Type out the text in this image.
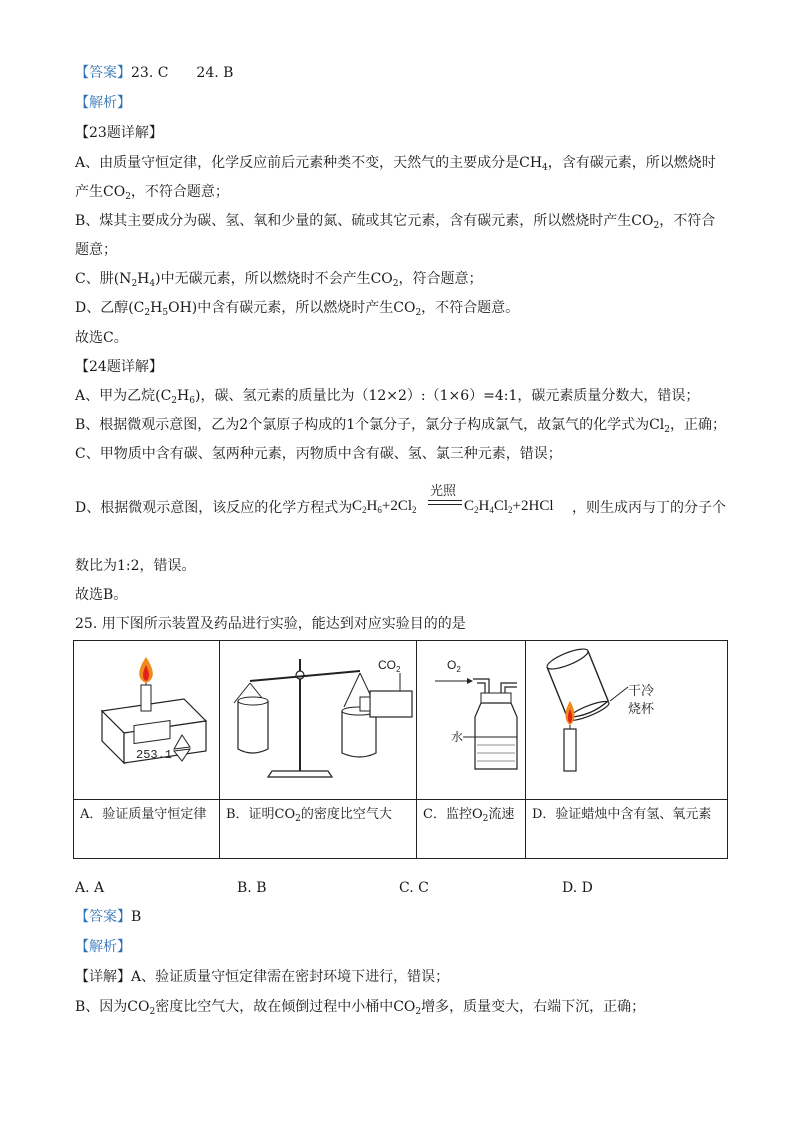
【答案】23. C　　24. B
【解析】
【23题详解】
A、由质量守恒定律，化学反应前后元素种类不变，天然气的主要成分是$CH_4$，含有碳元素，所以燃烧时
产生$CO_2$，不符合题意；
B、煤其主要成分为碳、氢、氧和少量的氮、硫或其它元素，含有碳元素，所以燃烧时产生$CO_2$，不符合
题意；
C、肼$(N_2H_4)$中无碳元素，所以燃烧时不会产生$CO_2$，符合题意；
D、乙醇$(C_2H_5OH)$中含有碳元素，所以燃烧时产生$CO_2$，不符合题意。
故选C。
【24题详解】
A、甲为乙烷$(C_2H_6)$，碳、氢元素的质量比为（12×2）:（1×6）=4:1，碳元素质量分数大，错误；
B、根据微观示意图，乙为2个氯原子构成的1个氯分子，氯分子构成氯气，故氯气的化学式为$Cl_2$，正确；
C、甲物质中含有碳、氢两种元素，丙物质中含有碳、氢、氯三种元素，错误；
D、根据微观示意图，该反应的化学方程式为 $C_2H_6+2Cl_2$
光照
$C_2H_4Cl_2+2HCl$ ，则生成丙与丁的分子个
数比为1:2，错误。
故选B。
25. 用下图所示装置及药品进行实验，能达到对应实验目的的是
253.1	$CO_2$	$O_2$
水	干冷
烧杯

A．验证质量守恒定律	B．证明$CO_2$的密度比空气大	C．监控$O_2$流速	D．验证蜡烛中含有氢、氧元素
A. A	B. B	C. C	D. D
【答案】B
【解析】
【详解】A、验证质量守恒定律需在密封环境下进行，错误；
B、因为$CO_2$密度比空气大，故在倾倒过程中小桶中$CO_2$增多，质量变大，右端下沉，正确；
